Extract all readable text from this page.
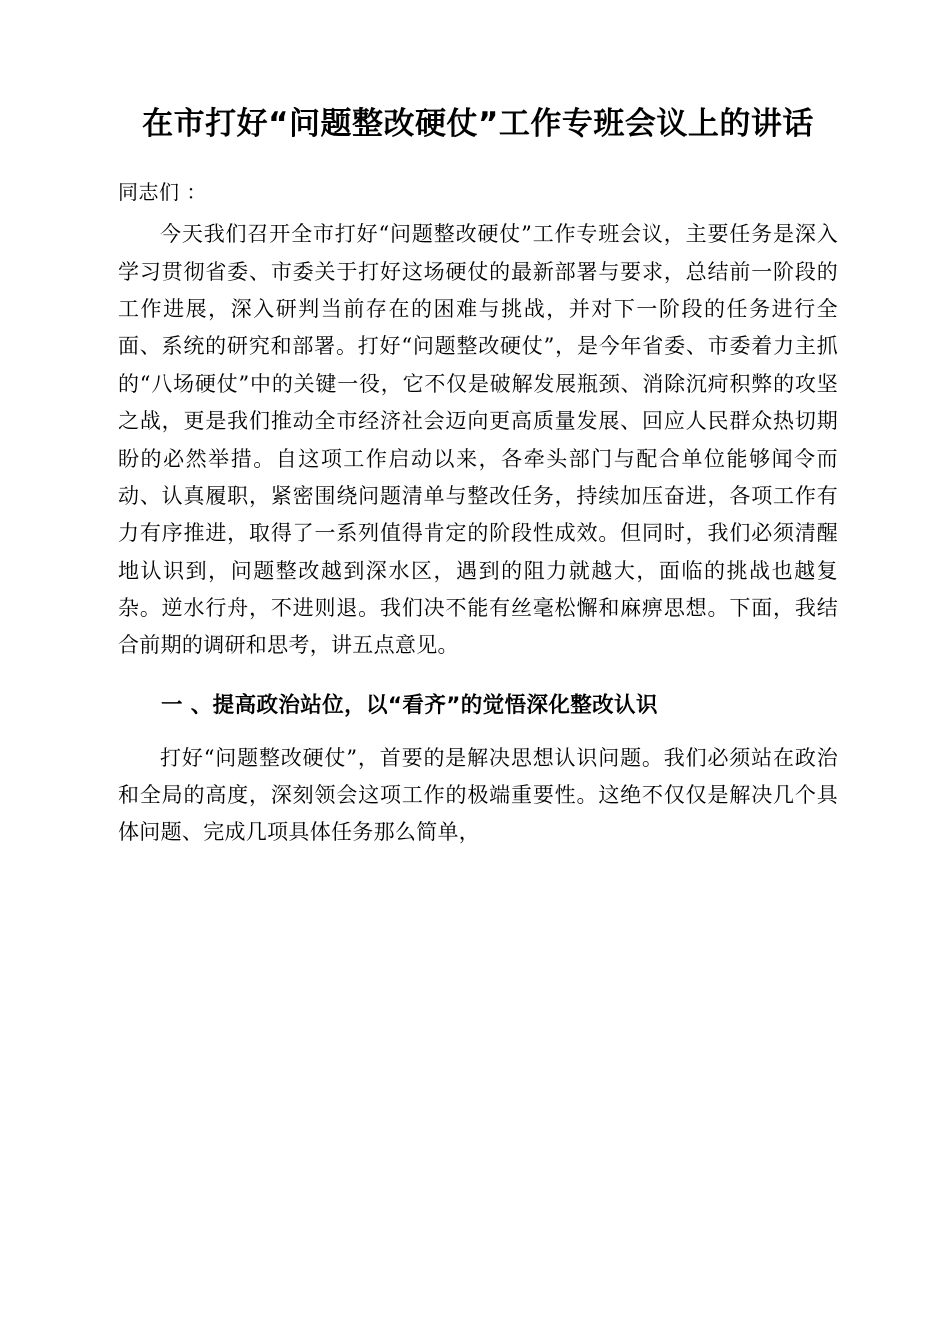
在市打好“问题整改硬仗”工作专班会议上的讲话
同志们 ：

今天我们召开全市打好“问题整改硬仗”工作专班会议，主要任务是深入学习贯彻省委、市委关于打好这场硬仗的最新部署与要求，总结前一阶段的工作进展，深入研判当前存在的困难与挑战，并对下一阶段的任务进行全面、系统的研究和部署。打好“问题整改硬仗”，是今年省委、市委着力主抓的“八场硬仗”中的关键一役，它不仅是破解发展瓶颈、消除沉疴积弊的攻坚之战，更是我们推动全市经济社会迈向更高质量发展、回应人民群众热切期盼的必然举措。自这项工作启动以来，各牵头部门与配合单位能够闻令而动、认真履职，紧密围绕问题清单与整改任务，持续加压奋进，各项工作有力有序推进，取得了一系列值得肯定的阶段性成效。但同时，我们必须清醒地认识到，问题整改越到深水区，遇到的阻力就越大，面临的挑战也越复杂。逆水行舟，不进则退。我们决不能有丝毫松懈和麻痹思想。下面，我结合前期的调研和思考，讲五点意见。

一 、提高政治站位，以“看齐”的觉悟深化整改认识

打好“问题整改硬仗”，首要的是解决思想认识问题。我们必须站在政治和全局的高度，深刻领会这项工作的极端重要性。这绝不仅仅是解决几个具体问题、完成几项具体任务那么简单，
